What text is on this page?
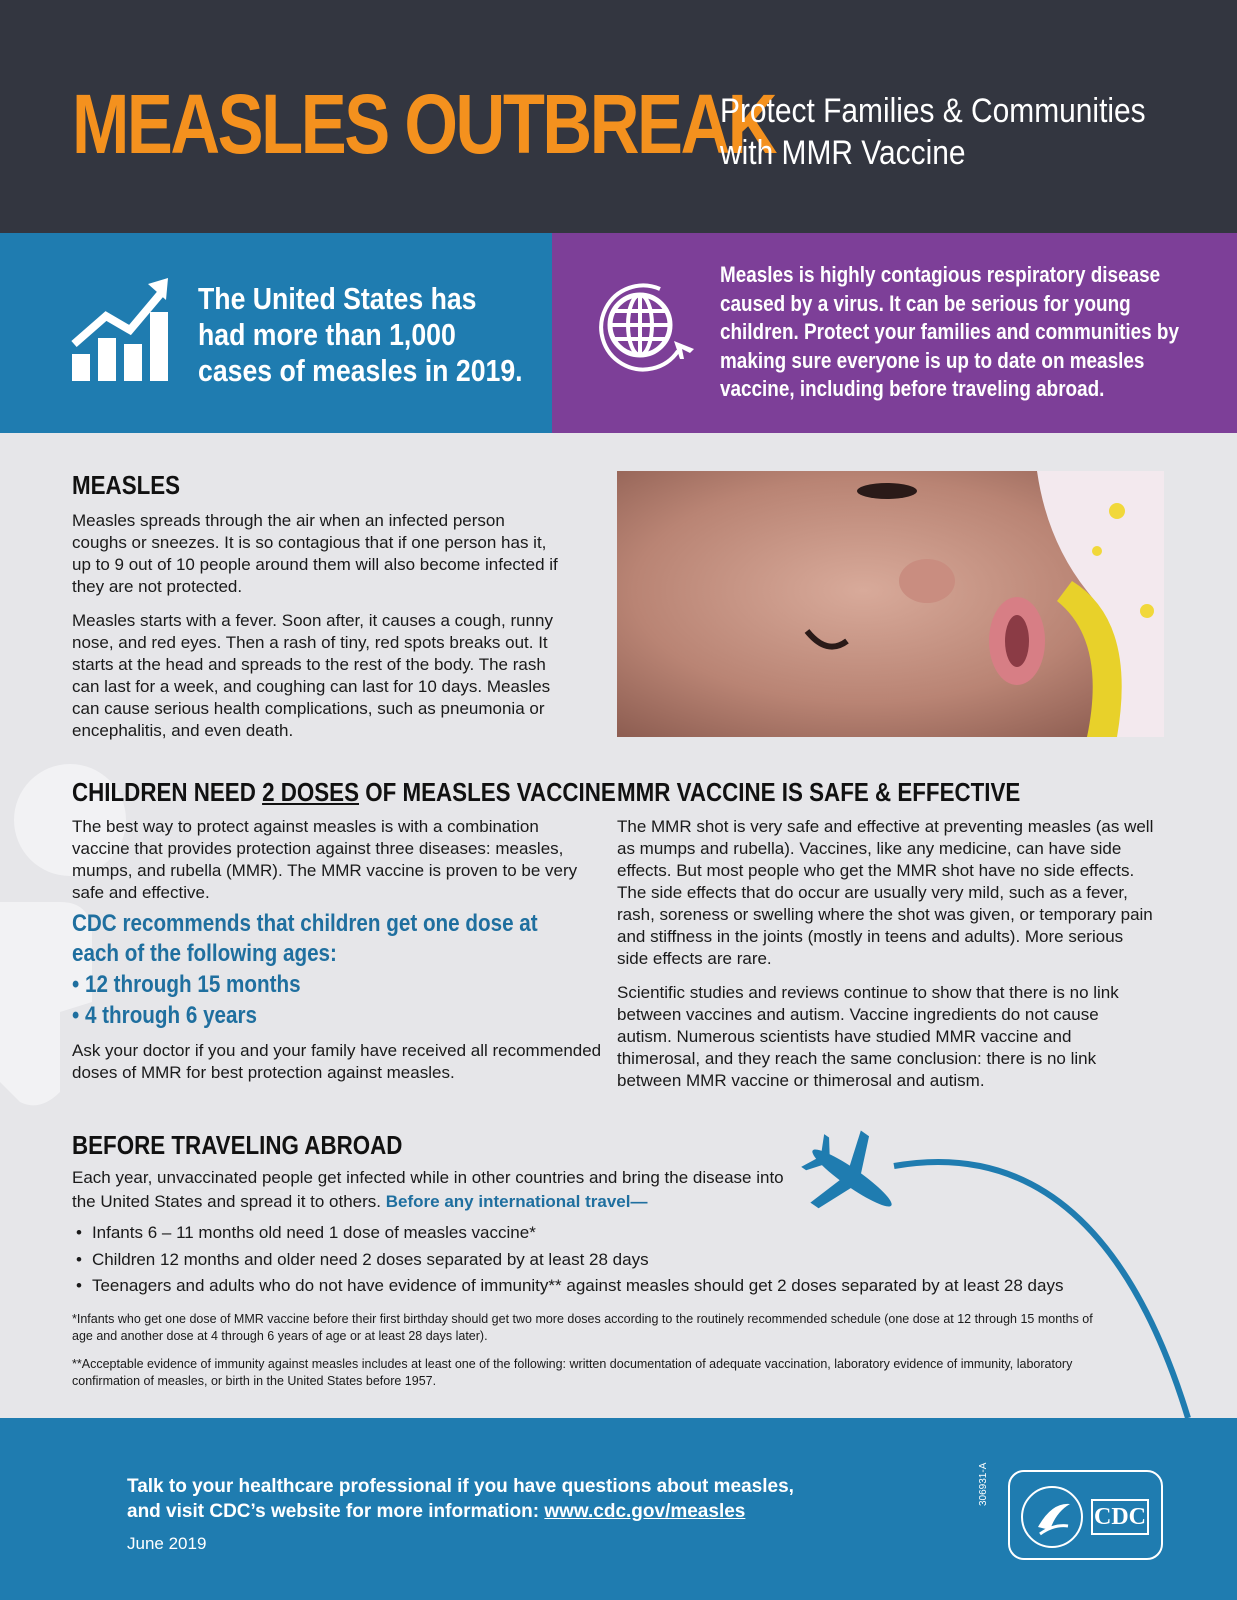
MEASLES OUTBREAK
Protect Families & Communities
with MMR Vaccine
The United States has had more than 1,000 cases of measles in 2019.
Measles is highly contagious respiratory disease caused by a virus. It can be serious for young children. Protect your families and communities by making sure everyone is up to date on measles vaccine, including before traveling abroad.
MEASLES
Measles spreads through the air when an infected person coughs or sneezes. It is so contagious that if one person has it, up to 9 out of 10 people around them will also become infected if they are not protected.
Measles starts with a fever. Soon after, it causes a cough, runny nose, and red eyes. Then a rash of tiny, red spots breaks out. It starts at the head and spreads to the rest of the body. The rash can last for a week, and coughing can last for 10 days. Measles can cause serious health complications, such as pneumonia or encephalitis, and even death.
CHILDREN NEED 2 DOSES OF MEASLES VACCINE
The best way to protect against measles is with a combination vaccine that provides protection against three diseases: measles, mumps, and rubella (MMR). The MMR vaccine is proven to be very safe and effective.
CDC recommends that children get one dose at each of the following ages:
• 12 through 15 months
• 4 through 6 years
Ask your doctor if you and your family have received all recommended doses of MMR for best protection against measles.
MMR VACCINE IS SAFE & EFFECTIVE
The MMR shot is very safe and effective at preventing measles (as well as mumps and rubella). Vaccines, like any medicine, can have side effects. But most people who get the MMR shot have no side effects. The side effects that do occur are usually very mild, such as a fever, rash, soreness or swelling where the shot was given, or temporary pain and stiffness in the joints (mostly in teens and adults). More serious side effects are rare.
Scientific studies and reviews continue to show that there is no link between vaccines and autism. Vaccine ingredients do not cause autism. Numerous scientists have studied MMR vaccine and thimerosal, and they reach the same conclusion: there is no link between MMR vaccine or thimerosal and autism.
BEFORE TRAVELING ABROAD
Each year, unvaccinated people get infected while in other countries and bring the disease into the United States and spread it to others. Before any international travel—
• Infants 6 – 11 months old need 1 dose of measles vaccine*
• Children 12 months and older need 2 doses separated by at least 28 days
• Teenagers and adults who do not have evidence of immunity** against measles should get 2 doses separated by at least 28 days
*Infants who get one dose of MMR vaccine before their first birthday should get two more doses according to the routinely recommended schedule (one dose at 12 through 15 months of age and another dose at 4 through 6 years of age or at least 28 days later).
**Acceptable evidence of immunity against measles includes at least one of the following: written documentation of adequate vaccination, laboratory evidence of immunity, laboratory confirmation of measles, or birth in the United States before 1957.
Talk to your healthcare professional if you have questions about measles,
and visit CDC’s website for more information: www.cdc.gov/measles
June 2019
306931-A
CDC
